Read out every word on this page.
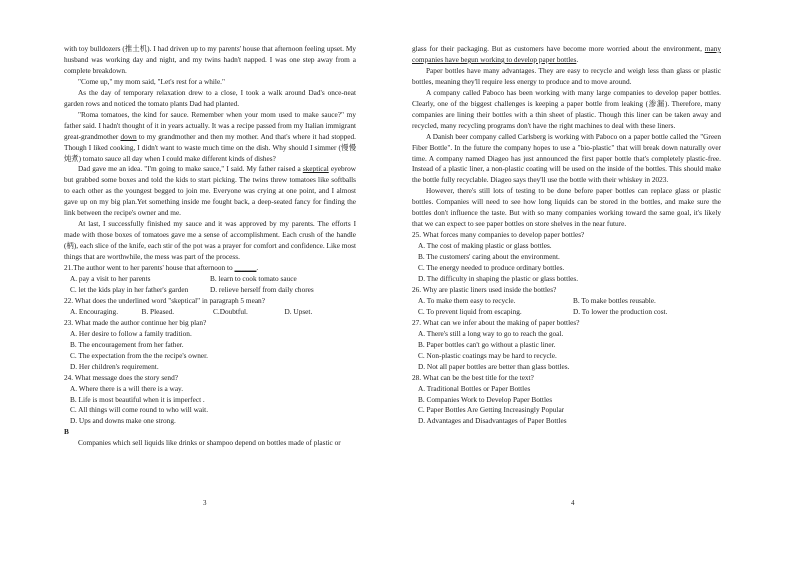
with toy bulldozers (推土机). I had driven up to my parents' house that afternoon feeling upset. My husband was working day and night, and my twins hadn't napped. I was one step away from a complete breakdown.

"Come up," my mom said, "Let's rest for a while."

As the day of temporary relaxation drew to a close, I took a walk around Dad's once-neat garden rows and noticed the tomato plants Dad had planted.

"Roma tomatoes, the kind for sauce. Remember when your mom used to make sauce?" my father said. I hadn't thought of it in years actually. It was a recipe passed from my Italian immigrant great-grandmother down to my grandmother and then my mother. And that's where it had stopped. Though I liked cooking, I didn't want to waste much time on the dish. Why should I simmer (慢慢炖煮) tomato sauce all day when I could make different kinds of dishes?

Dad gave me an idea. "I'm going to make sauce," I said. My father raised a skeptical eyebrow but grabbed some boxes and told the kids to start picking. The twins threw tomatoes like softballs to each other as the youngest begged to join me. Everyone was crying at one point, and I almost gave up on my big plan.Yet something inside me fought back, a deep-seated fancy for finding the link between the recipe's owner and me.

At last, I successfully finished my sauce and it was approved by my parents. The efforts I made with those boxes of tomatoes gave me a sense of accomplishment. Each crush of the handle (柄), each slice of the knife, each stir of the pot was a prayer for comfort and confidence. Like most things that are worthwhile, the mess was part of the process.

21.The author went to her parents' house that afternoon to ______.

A. pay a visit to her parents	B. learn to cook tomato sauce
C. let the kids play in her father's garden	D. relieve herself from daily chores

22. What does the underlined word "skeptical" in paragraph 5 mean?

A. Encouraging.	B. Pleased.	C.Doubtful.	D. Upset.

23. What made the author continue her big plan?

A. Her desire to follow a family tradition.

B. The encouragement from her father.

C. The expectation from the the recipe's owner.

D. Her children's requirement.

24. What message does the story send?

A. Where there is a will there is a way.

B. Life is most beautiful when it is imperfect .

C. All things will come round to who will wait.

D. Ups and downs make one strong.

B

Companies which sell liquids like drinks or shampoo depend on bottles made of plastic or

3

glass for their packaging. But as customers have become more worried about the environment, many companies have begun working to develop paper bottles.

Paper bottles have many advantages. They are easy to recycle and weigh less than glass or plastic bottles, meaning they'll require less energy to produce and to move around.

A company called Paboco has been working with many large companies to develop paper bottles. Clearly, one of the biggest challenges is keeping a paper bottle from leaking (渗漏). Therefore, many companies are lining their bottles with a thin sheet of plastic. Though this liner can be taken away and recycled, many recycling programs don't have the right machines to deal with these liners.

A Danish beer company called Carlsberg is working with Paboco on a paper bottle called the "Green Fiber Bottle". In the future the company hopes to use a "bio-plastic" that will break down naturally over time. A company named Diageo has just announced the first paper bottle that's completely plastic-free. Instead of a plastic liner, a non-plastic coating will be used on the inside of the bottles. This should make the bottle fully recyclable. Diageo says they'll use the bottle with their whiskey in 2023.

However, there's still lots of testing to be done before paper bottles can replace glass or plastic bottles. Companies will need to see how long liquids can be stored in the bottles, and make sure the bottles don't influence the taste. But with so many companies working toward the same goal, it's likely that we can expect to see paper bottles on store shelves in the near future.

25. What forces many companies to develop paper bottles?

A. The cost of making plastic or glass bottles.

B. The customers' caring about the environment.

C. The energy needed to produce ordinary bottles.

D. The difficulty in shaping the plastic or glass bottles.

26. Why are plastic liners used inside the bottles?

A. To make them easy to recycle.	B. To make bottles reusable.
C. To prevent liquid from escaping.	D. To lower the production cost.

27. What can we infer about the making of paper bottles?

A. There's still a long way to go to reach the goal.

B. Paper bottles can't go without a plastic liner.

C. Non-plastic coatings may be hard to recycle.

D. Not all paper bottles are better than glass bottles.

28. What can be the best title for the text?

A. Traditional Bottles or Paper Bottles

B. Companies Work to Develop Paper Bottles

C. Paper Bottles Are Getting Increasingly Popular

D. Advantages and Disadvantages of Paper Bottles

4
